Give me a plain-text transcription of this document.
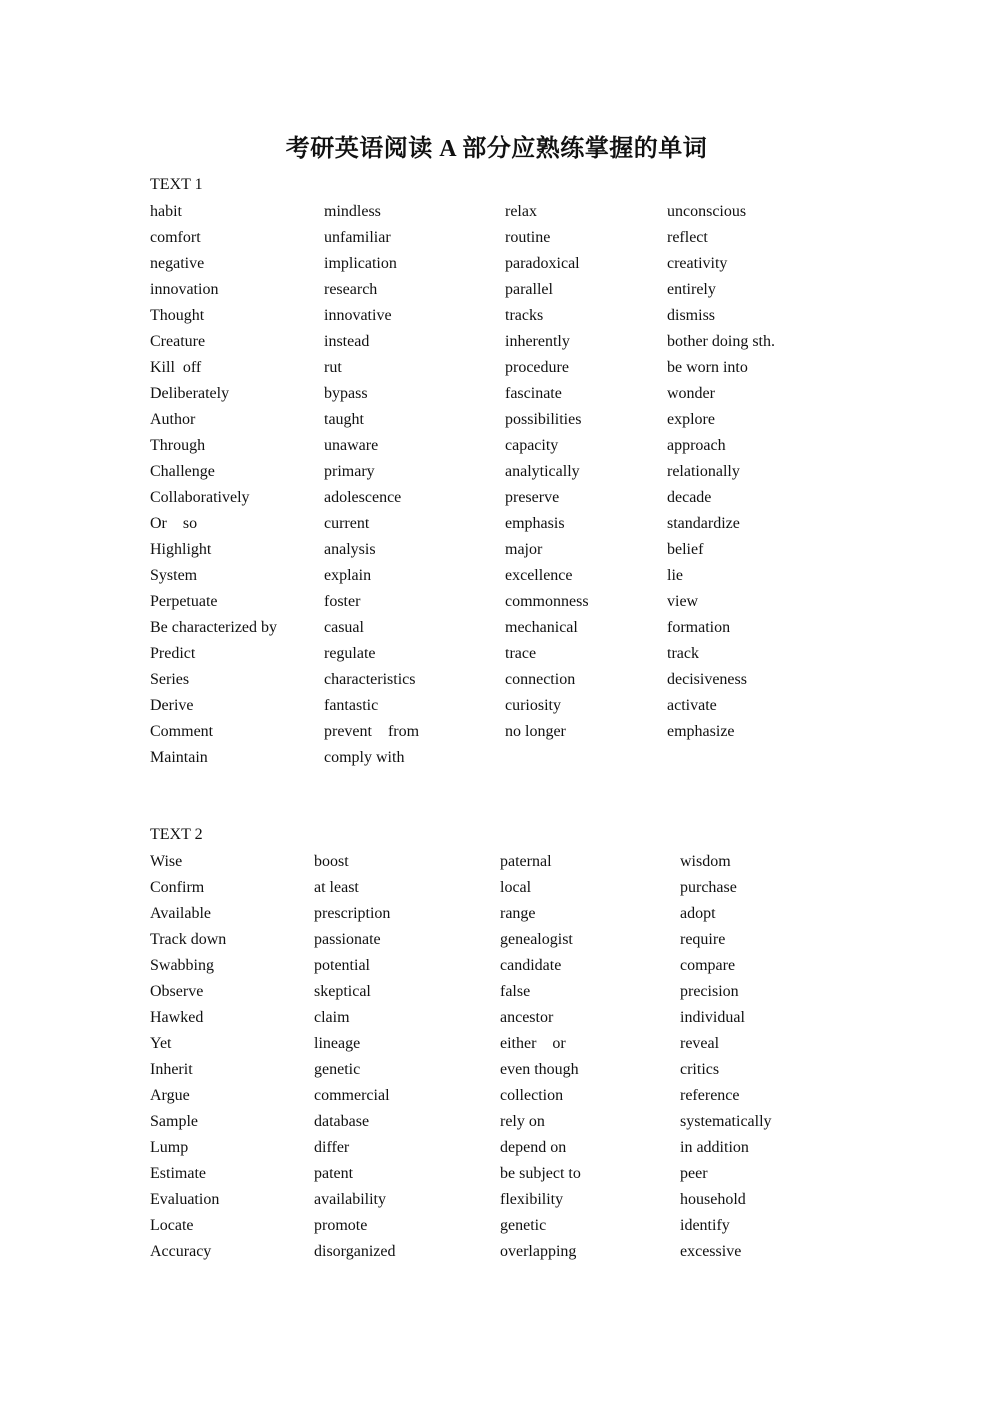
考研英语阅读 A 部分应熟练掌握的单词
TEXT 1
habit	mindless	relax	unconscious
comfort	unfamiliar	routine	reflect
negative	implication	paradoxical	creativity
innovation	research	parallel	entirely
Thought	innovative	tracks	dismiss
Creature	instead	inherently	bother doing sth.
Kill  off	rut	procedure	be worn into
Deliberately	bypass	fascinate	wonder
Author	taught	possibilities	explore
Through	unaware	capacity	approach
Challenge	primary	analytically	relationally
Collaboratively	adolescence	preserve	decade
Or    so	current	emphasis	standardize
Highlight	analysis	major	belief
System	explain	excellence	lie
Perpetuate	foster	commonness	view
Be characterized by	casual	mechanical	formation
Predict	regulate	trace	track
Series	characteristics	connection	decisiveness
Derive	fantastic	curiosity	activate
Comment	prevent    from	no longer	emphasize
Maintain	comply with
TEXT 2
Wise	boost	paternal	wisdom
Confirm	at least	local	purchase
Available	prescription	range	adopt
Track down	passionate	genealogist	require
Swabbing	potential	candidate	compare
Observe	skeptical	false	precision
Hawked	claim	ancestor	individual
Yet	lineage	either    or	reveal
Inherit	genetic	even though	critics
Argue	commercial	collection	reference
Sample	database	rely on	systematically
Lump	differ	depend on	in addition
Estimate	patent	be subject to	peer
Evaluation	availability	flexibility	household
Locate	promote	genetic	identify
Accuracy	disorganized	overlapping	excessive
